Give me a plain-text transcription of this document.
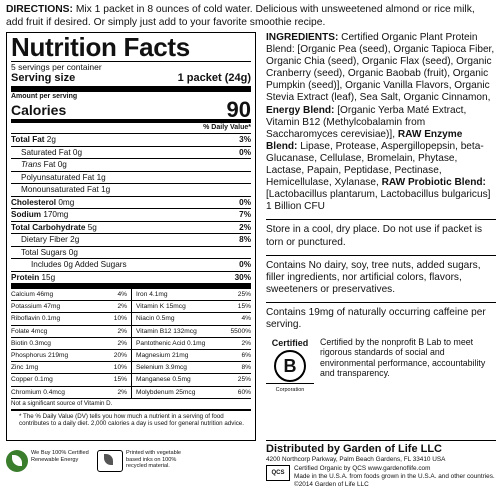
DIRECTIONS: Mix 1 packet in 8 ounces of cold water. Delicious with unsweetened almond or rice milk, add fruit if desired. Or simply just add to your favorite smoothie recipe.
Nutrition Facts
5 servings per container
Serving size	1 packet (24g)
Amount per serving
Calories	90
% Daily Value*
Total Fat 2g	3%
Saturated Fat 0g	0%
Trans Fat 0g
Polyunsaturated Fat 1g
Monounsaturated Fat 1g
Cholesterol 0mg	0%
Sodium 170mg	7%
Total Carbohydrate 5g	2%
Dietary Fiber 2g	8%
Total Sugars 0g
Includes 0g Added Sugars	0%
Protein 15g	30%
Calcium 46mg	4% Iron 4.1mg	25%
Potassium 47mg	2% Vitamin K 15mcg	15%
Riboflavin 0.1mg	10% Niacin 0.5mg	4%
Folate 4mcg	2% Vitamin B12 132mcg	5500%
Biotin 0.3mcg	2% Pantothenic Acid 0.1mg	2%
Phosphorus 219mg	20% Magnesium 21mg	6%
Zinc 1mg	10% Selenium 3.9mcg	8%
Copper 0.1mg	15% Manganese 0.5mg	25%
Chromium 0.4mcg	2% Molybdenum 25mcg	60%
Not a significant source of Vitamin D.
* The % Daily Value (DV) tells you how much a nutrient in a serving of food contributes to a daily diet. 2,000 calories a day is used for general nutrition advice.
We Buy 100% Certified Renewable Energy
Printed with vegetable based inks on 100% recycled material.

INGREDIENTS: Certified Organic Plant Protein Blend: [Organic Pea (seed), Organic Tapioca Fiber, Organic Chia (seed), Organic Flax (seed), Organic Cranberry (seed), Organic Baobab (fruit), Organic Pumpkin (seed)], Organic Vanilla Flavors, Organic Stevia Extract (leaf), Sea Salt, Organic Cinnamon, Energy Blend: [Organic Yerba Maté Extract, Vitamin B12 (Methylcobalamin from Saccharomyces cerevisiae)], RAW Enzyme Blend: Lipase, Protease, Aspergillopepsin, beta-Glucanase, Cellulase, Bromelain, Phytase, Lactase, Papain, Peptidase, Pectinase, Hemicellulase, Xylanase, RAW Probiotic Blend: [Lactobacillus plantarum, Lactobacillus bulgaricus] 1 Billion CFU

Store in a cool, dry place. Do not use if packet is torn or punctured.

Contains No dairy, soy, tree nuts, added sugars, filler ingredients, nor artificial colors, flavors, sweeteners or preservatives.

Contains 19mg of naturally occurring caffeine per serving.

Certified
B
Corporation
Certified by the nonprofit B Lab to meet rigorous standards of social and environmental performance, accountability and transparency.
Distributed by Garden of Life LLC
4200 Northcorp Parkway, Palm Beach Gardens, FL 33410 USA
QCS
Certified Organic by QCS www.gardenoflife.com
Made in the U.S.A. from foods grown in the U.S.A. and other countries. ©2014 Garden of Life LLC
